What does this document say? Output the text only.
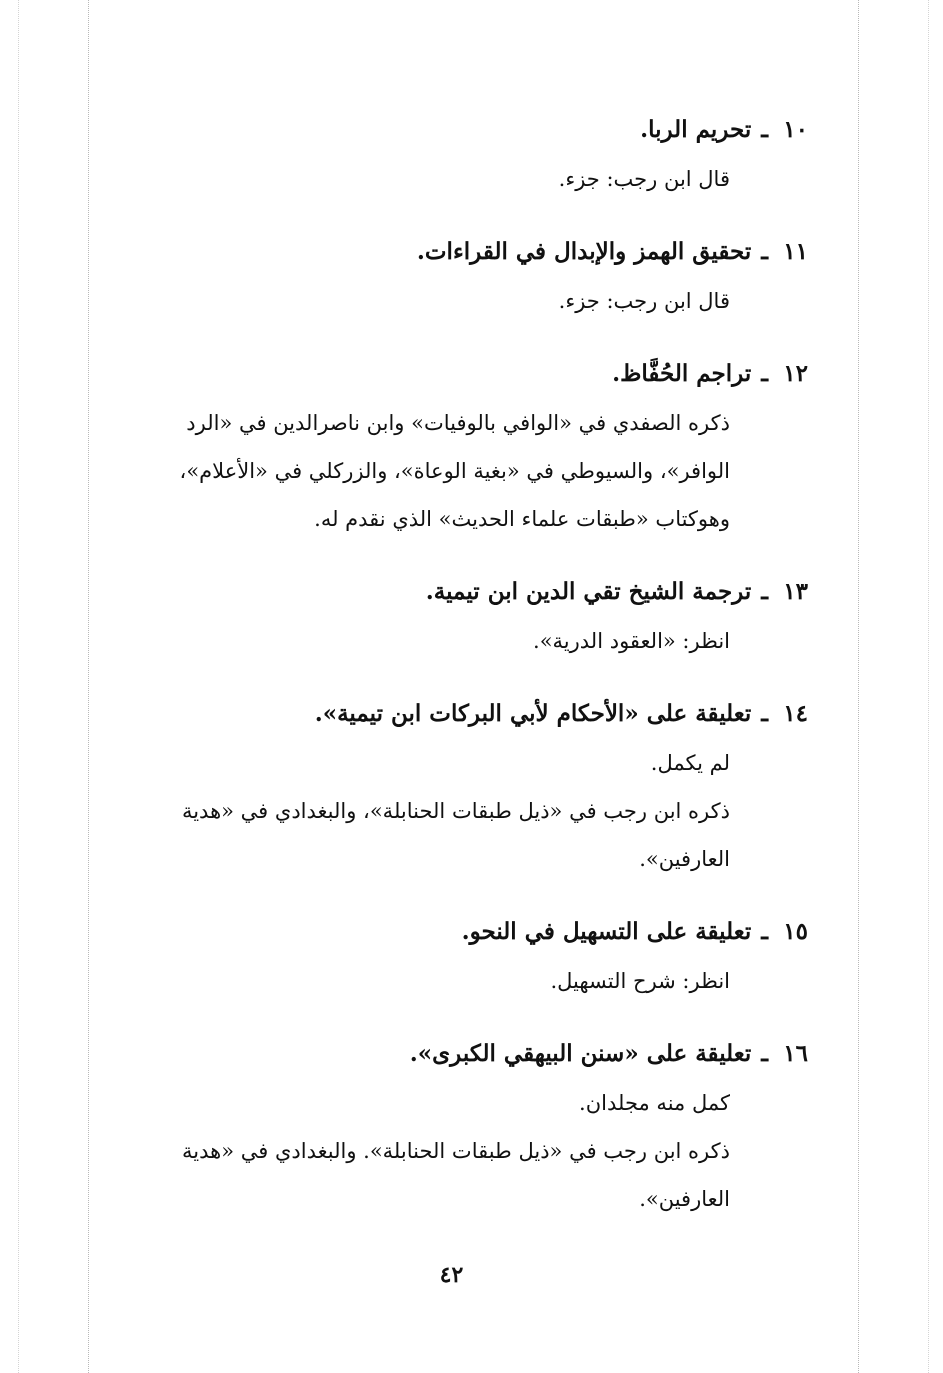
١٠ـتحريم الربا.

قال ابن رجب: جزء.

١١ـتحقيق الهمز والإبدال في القراءات.

قال ابن رجب: جزء.

١٢ـتراجم الحُفَّاظ.

ذكره الصفدي في «الوافي بالوفيات» وابن ناصرالدين في «الرد

الوافر»، والسيوطي في «بغية الوعاة»، والزركلي في «الأعلام»،

وهوكتاب «طبقات علماء الحديث» الذي نقدم له.

١٣ـترجمة الشيخ تقي الدين ابن تيمية.

انظر: «العقود الدرية».

١٤ـتعليقة على «الأحكام لأبي البركات ابن تيمية».

لم يكمل.

ذكره ابن رجب في «ذيل طبقات الحنابلة»، والبغدادي في «هدية

العارفين».

١٥ـتعليقة على التسهيل في النحو.

انظر: شرح التسهيل.

١٦ـتعليقة على «سنن البيهقي الكبرى».

كمل منه مجلدان.

ذكره ابن رجب في «ذيل طبقات الحنابلة». والبغدادي في «هدية

العارفين».

٤٢
